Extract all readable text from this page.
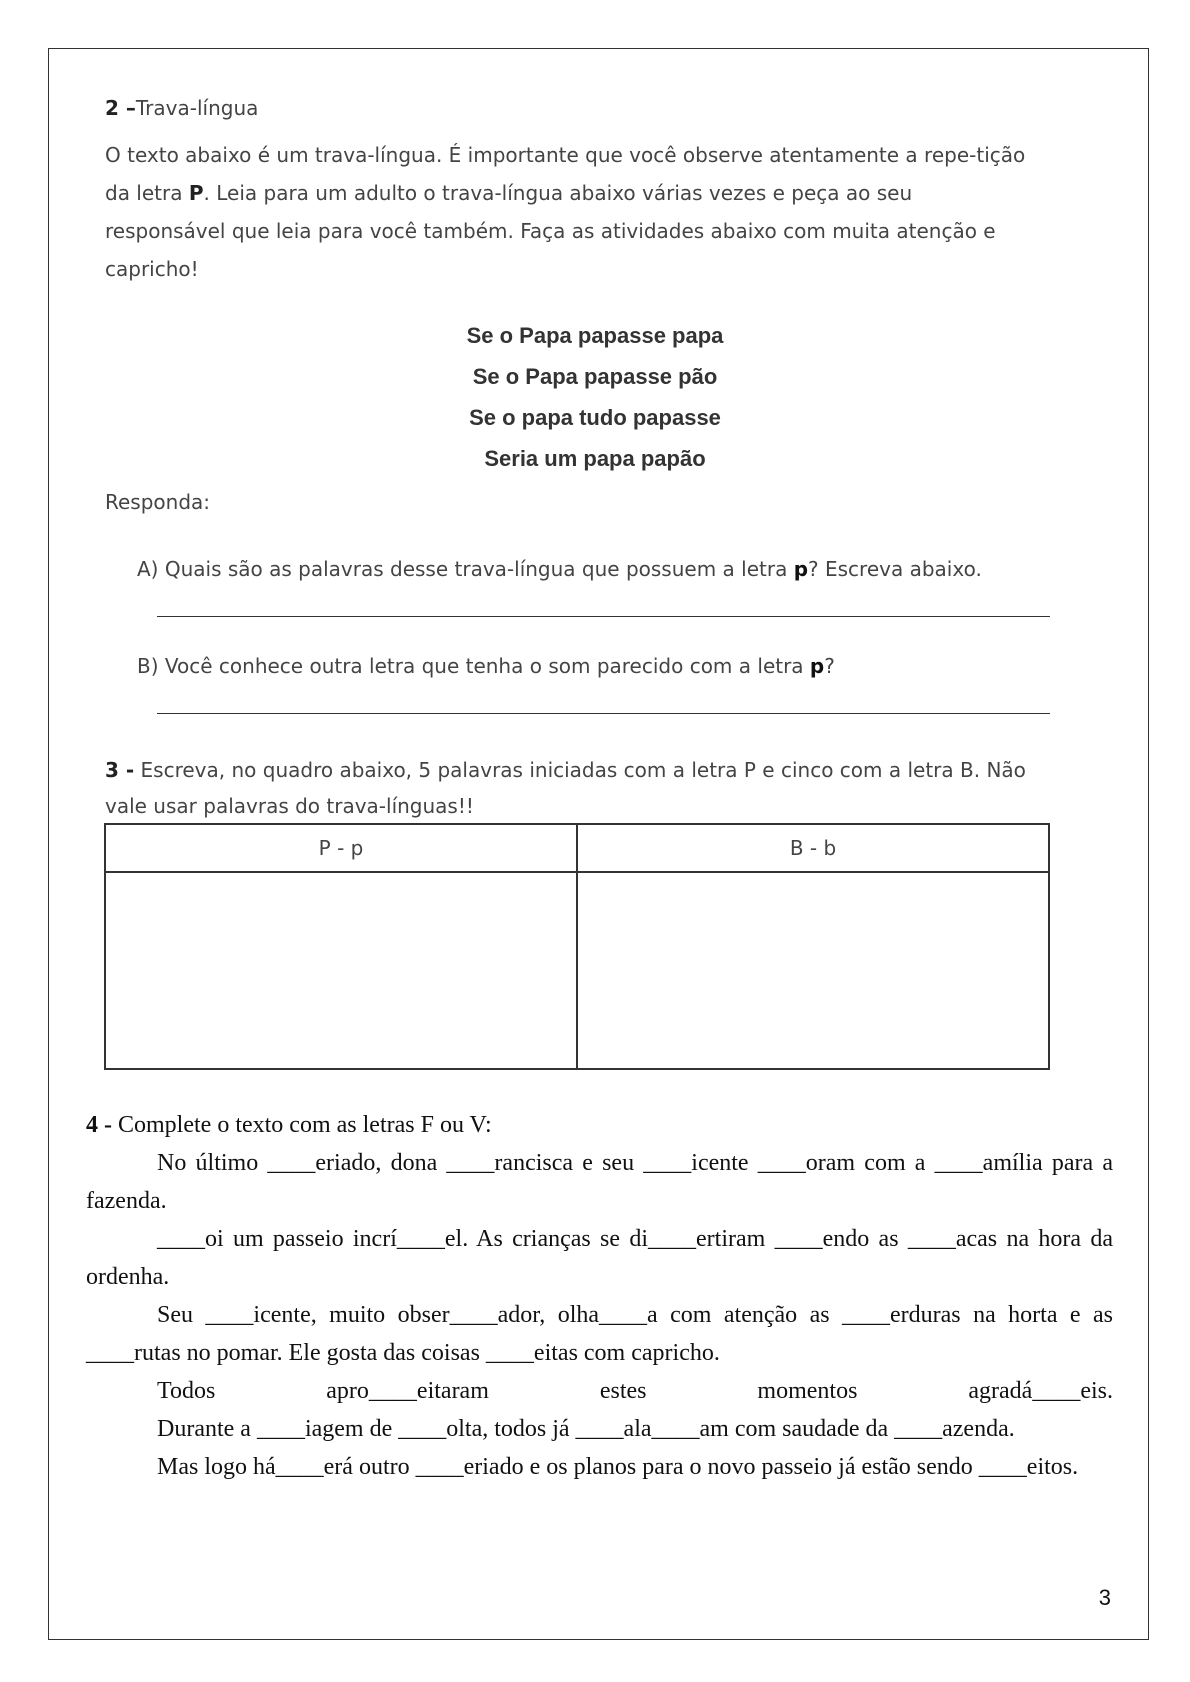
2 –Trava-língua
O texto abaixo é um trava-língua. É importante que você observe atentamente a repe-tição da letra P. Leia para um adulto o trava-língua abaixo várias vezes e peça ao seu responsável que leia para você também. Faça as atividades abaixo com muita atenção e capricho!
Se o Papa papasse papa
Se o Papa papasse pão
Se o papa tudo papasse
Seria um papa papão
Responda:
A) Quais são as palavras desse trava-língua que possuem a letra p? Escreva abaixo.
B) Você conhece outra letra que tenha o som parecido com a letra p?
3 - Escreva, no quadro abaixo, 5 palavras iniciadas com a letra P e cinco com a letra B. Não vale usar palavras do trava-línguas!!
P - p	B - b

4 - Complete o texto com as letras F ou V:

No último ____eriado, dona ____rancisca e seu ____icente ____oram com a ____amília para a fazenda.

____oi um passeio incrí____el. As crianças se di____ertiram ____endo as ____acas na hora da ordenha.

Seu ____icente, muito obser____ador, olha____a com atenção as ____erduras na horta e as ____rutas no pomar. Ele gosta das coisas ____eitas com capricho.

Todos apro____eitaram estes momentos agradá____eis.

Durante a ____iagem de ____olta, todos já ____ala____am com saudade da ____azenda.

Mas logo há____erá outro ____eriado e os planos para o novo passeio já estão sendo ____eitos.

3
